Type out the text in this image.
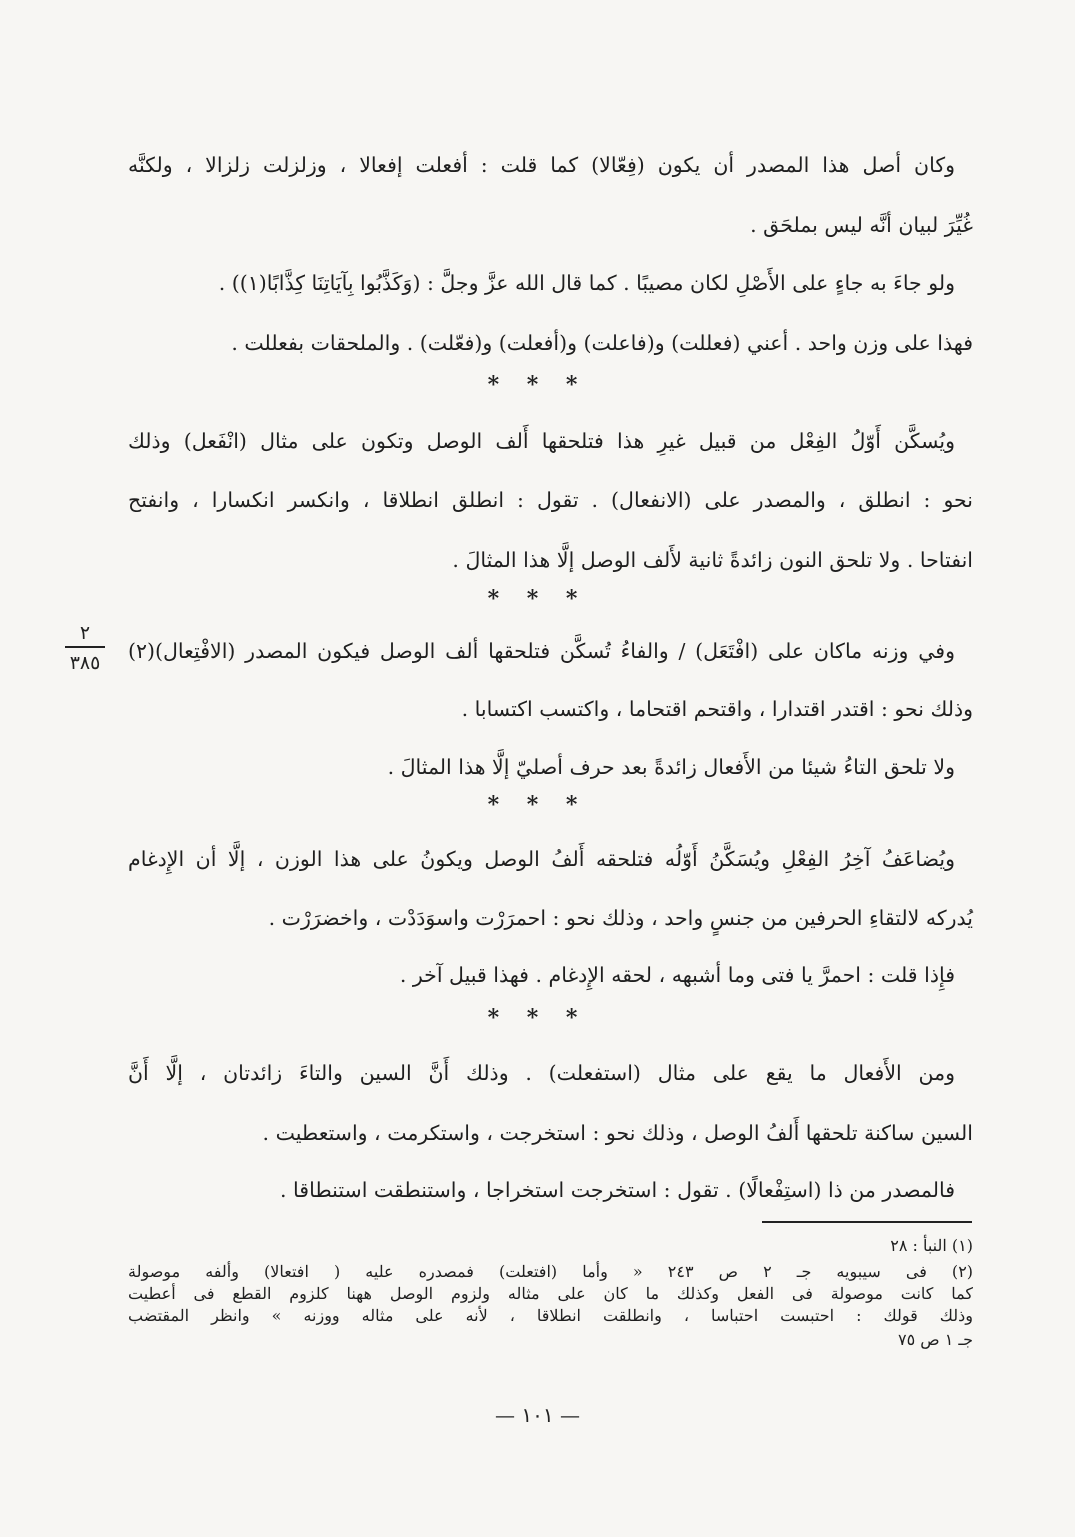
وكان أصل هذا المصدر أن يكون (فِعّالا) كما قلت : أفعلت إفعالا ، وزلزلت زلزالا ، ولكنَّه
غُيِّرَ لبيان أنَّه ليس بملحَق .
ولو جاءَ به جاءٍ على الأَصْلِ لكان مصيبًا . كما قال الله عزَّ وجلَّ : (وَكَذَّبُوا بِآيَاتِنَا كِذَّابًا(١)) .
فهذا على وزن واحد . أعني (فعللت) و(فاعلت) و(أفعلت) و(فعّلت) . والملحقات بفعللت .
* * *
ويُسكَّن أَوّلُ الفِعْل من قبيل غيرِ هذا فتلحقها أَلف الوصل وتكون على مثال (انْفَعل) وذلك
نحو : انطلق ، والمصدر على (الانفعال) . تقول : انطلق انطلاقا ، وانكسر انكسارا ، وانفتح
انفتاحا . ولا تلحق النون زائدةً ثانية لأَلف الوصل إلَّا هذا المثالَ .
* * *
وفي وزنه ماكان على (افْتَعَل) / والفاءُ تُسكَّن فتلحقها ألف الوصل فيكون المصدر (الافْتِعال)(٢)
وذلك نحو : اقتدر اقتدارا ، واقتحم اقتحاما ، واكتسب اكتسابا .
ولا تلحق التاءُ شيئا من الأَفعال زائدةً بعد حرف أصليّ إلَّا هذا المثالَ .
* * *
ويُضاعَفُ آخِرُ الفِعْلِ ويُسَكَّنُ أَوّلُه فتلحقه أَلفُ الوصل ويكونُ على هذا الوزن ، إلَّا أن الإِدغام
يُدركه لالتقاءِ الحرفين من جنسٍ واحد ، وذلك نحو : احمرَرْت واسوَدَدْت ، واخضرَرْت .
فإِذا قلت : احمرَّ يا فتى وما أشبهه ، لحقه الإِدغام . فهذا قبيل آخر .
* * *
ومن الأَفعال ما يقع على مثال (استفعلت) . وذلك أَنَّ السين والتاءَ زائدتان ، إلَّا أَنَّ
السين ساكنة تلحقها أَلفُ الوصل ، وذلك نحو : استخرجت ، واستكرمت ، واستعطيت .
فالمصدر من ذا (استِفْعالًا) . تقول : استخرجت استخراجا ، واستنطقت استنطاقا .
٢
٣٨٥
(١) النبأ : ٢٨
(٢) فى سيبويه جـ ٢ ص ٢٤٣ « وأما (افتعلت) فمصدره عليه ( افتعالا) وألفه موصولة
كما كانت موصولة فى الفعل وكذلك ما كان على مثاله ولزوم الوصل ههنا كلزوم القطع فى أعطيت
وذلك قولك : احتبست احتباسا ، وانطلقت انطلاقا ، لأنه على مثاله ووزنه » وانظر المقتضب
جـ ١ ص ٧٥
— ١٠١ —
